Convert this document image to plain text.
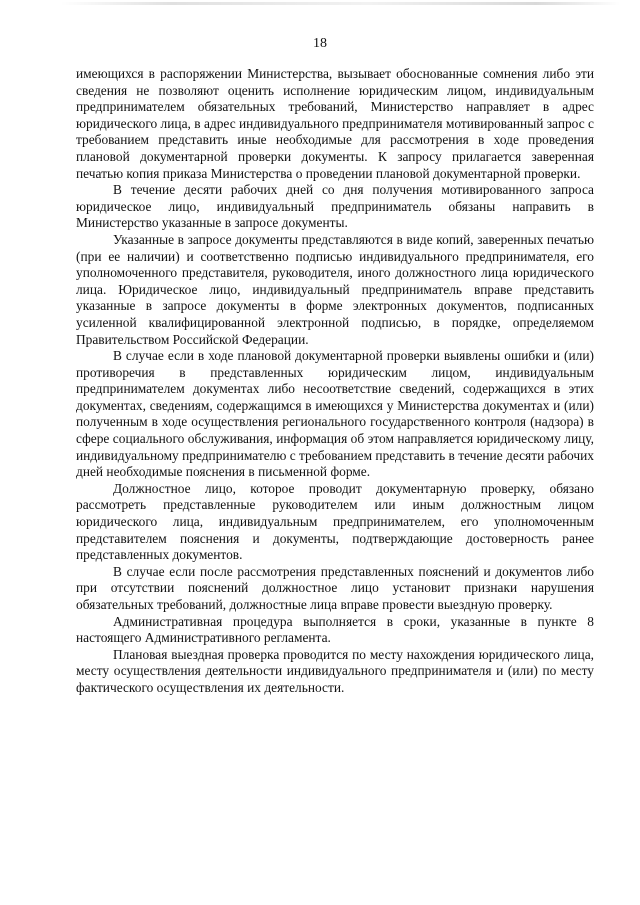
18

имеющихся в распоряжении Министерства, вызывает обоснованные сомнения либо эти сведения не позволяют оценить исполнение юридическим лицом, индивидуальным предпринимателем обязательных требований, Министерство направляет в адрес юридического лица, в адрес индивидуального предпринимателя мотивированный запрос с требованием представить иные необходимые для рассмотрения в ходе проведения плановой документарной проверки документы. К запросу прилагается заверенная печатью копия приказа Министерства о проведении плановой документарной проверки.

В течение десяти рабочих дней со дня получения мотивированного запроса юридическое лицо, индивидуальный предприниматель обязаны направить в Министерство указанные в запросе документы.

Указанные в запросе документы представляются в виде копий, заверенных печатью (при ее наличии) и соответственно подписью индивидуального предпринимателя, его уполномоченного представителя, руководителя, иного должностного лица юридического лица. Юридическое лицо, индивидуальный предприниматель вправе представить указанные в запросе документы в форме электронных документов, подписанных усиленной квалифицированной электронной подписью, в порядке, определяемом Правительством Российской Федерации.

В случае если в ходе плановой документарной проверки выявлены ошибки и (или) противоречия в представленных юридическим лицом, индивидуальным предпринимателем документах либо несоответствие сведений, содержащихся в этих документах, сведениям, содержащимся в имеющихся у Министерства документах и (или) полученным в ходе осуществления регионального государственного контроля (надзора) в сфере социального обслуживания, информация об этом направляется юридическому лицу, индивидуальному предпринимателю с требованием представить в течение десяти рабочих дней необходимые пояснения в письменной форме.

Должностное лицо, которое проводит документарную проверку, обязано рассмотреть представленные руководителем или иным должностным лицом юридического лица, индивидуальным предпринимателем, его уполномоченным представителем пояснения и документы, подтверждающие достоверность ранее представленных документов.

В случае если после рассмотрения представленных пояснений и документов либо при отсутствии пояснений должностное лицо установит признаки нарушения обязательных требований, должностные лица вправе провести выездную проверку.

Административная процедура выполняется в сроки, указанные в пункте 8 настоящего Административного регламента.

Плановая выездная проверка проводится по месту нахождения юридического лица, месту осуществления деятельности индивидуального предпринимателя и (или) по месту фактического осуществления их деятельности.
